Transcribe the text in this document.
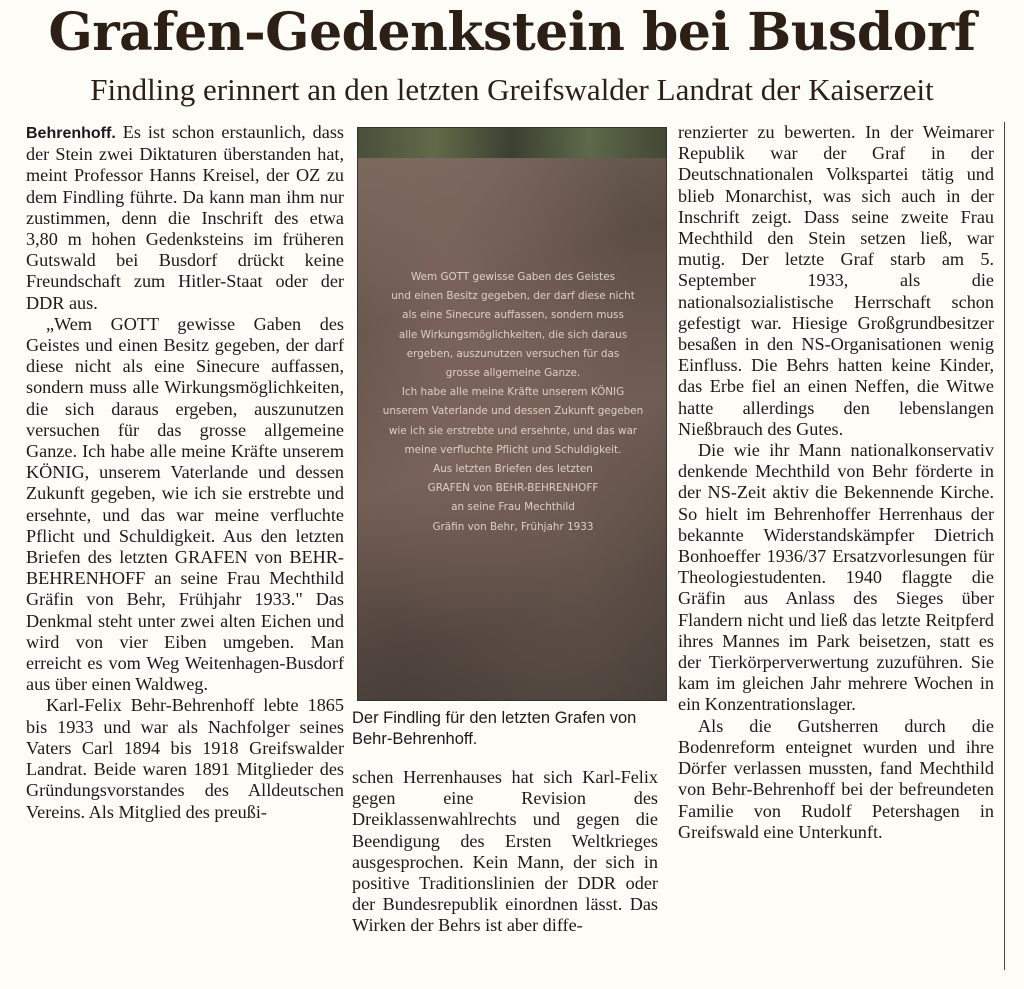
Grafen-Gedenkstein bei Busdorf
Findling erinnert an den letzten Greifswalder Landrat der Kaiserzeit

Behrenhoff. Es ist schon erstaunlich, dass der Stein zwei Diktaturen überstanden hat, meint Professor Hanns Kreisel, der OZ zu dem Findling führte. Da kann man ihm nur zustimmen, denn die Inschrift des etwa 3,80 m hohen Gedenksteins im früheren Gutswald bei Busdorf drückt keine Freundschaft zum Hitler-Staat oder der DDR aus.

„Wem GOTT gewisse Gaben des Geistes und einen Besitz gegeben, der darf diese nicht als eine Sinecure auffassen, sondern muss alle Wirkungsmöglichkeiten, die sich daraus ergeben, auszunutzen versuchen für das grosse allgemeine Ganze. Ich habe alle meine Kräfte unserem KÖNIG, unserem Vaterlande und dessen Zukunft gegeben, wie ich sie erstrebte und ersehnte, und das war meine verfluchte Pflicht und Schuldigkeit. Aus den letzten Briefen des letzten GRAFEN von BEHR-BEHRENHOFF an seine Frau Mechthild Gräfin von Behr, Frühjahr 1933." Das Denkmal steht unter zwei alten Eichen und wird von vier Eiben umgeben. Man erreicht es vom Weg Weitenhagen-Busdorf aus über einen Waldweg.

Karl-Felix Behr-Behrenhoff lebte 1865 bis 1933 und war als Nachfolger seines Vaters Carl 1894 bis 1918 Greifswalder Landrat. Beide waren 1891 Mitglieder des Gründungsvorstandes des Alldeutschen Vereins. Als Mitglied des preußi-

Wem GOTT gewisse Gaben des Geistes
und einen Besitz gegeben, der darf diese nicht
als eine Sinecure auffassen, sondern muss
alle Wirkungsmöglichkeiten, die sich daraus
ergeben, auszunutzen versuchen für das
grosse allgemeine Ganze.
Ich habe alle meine Kräfte unserem KÖNIG
unserem Vaterlande und dessen Zukunft gegeben
wie ich sie erstrebte und ersehnte, und das war
meine verfluchte Pflicht und Schuldigkeit.
Aus letzten Briefen des letzten
GRAFEN von BEHR-BEHRENHOFF
an seine Frau Mechthild
Gräfin von Behr, Frühjahr 1933
Der Findling für den letzten Grafen von Behr-Behrenhoff.

schen Herrenhauses hat sich Karl-Felix gegen eine Revision des Dreiklassenwahlrechts und gegen die Beendigung des Ersten Weltkrieges ausgesprochen. Kein Mann, der sich in positive Traditionslinien der DDR oder der Bundesrepublik einordnen lässt. Das Wirken der Behrs ist aber diffe-

renzierter zu bewerten. In der Weimarer Republik war der Graf in der Deutschnationalen Volkspartei tätig und blieb Monarchist, was sich auch in der Inschrift zeigt. Dass seine zweite Frau Mechthild den Stein setzen ließ, war mutig. Der letzte Graf starb am 5. September 1933, als die nationalsozialistische Herrschaft schon gefestigt war. Hiesige Großgrundbesitzer besaßen in den NS-Organisationen wenig Einfluss. Die Behrs hatten keine Kinder, das Erbe fiel an einen Neffen, die Witwe hatte allerdings den lebenslangen Nießbrauch des Gutes.

Die wie ihr Mann nationalkonservativ denkende Mechthild von Behr förderte in der NS-Zeit aktiv die Bekennende Kirche. So hielt im Behrenhoffer Herrenhaus der bekannte Widerstandskämpfer Dietrich Bonhoeffer 1936/37 Ersatzvorlesungen für Theologiestudenten. 1940 flaggte die Gräfin aus Anlass des Sieges über Flandern nicht und ließ das letzte Reitpferd ihres Mannes im Park beisetzen, statt es der Tierkörperverwertung zuzuführen. Sie kam im gleichen Jahr mehrere Wochen in ein Konzentrationslager.

Als die Gutsherren durch die Bodenreform enteignet wurden und ihre Dörfer verlassen mussten, fand Mechthild von Behr-Behrenhoff bei der befreundeten Familie von Rudolf Petershagen in Greifswald eine Unterkunft.
